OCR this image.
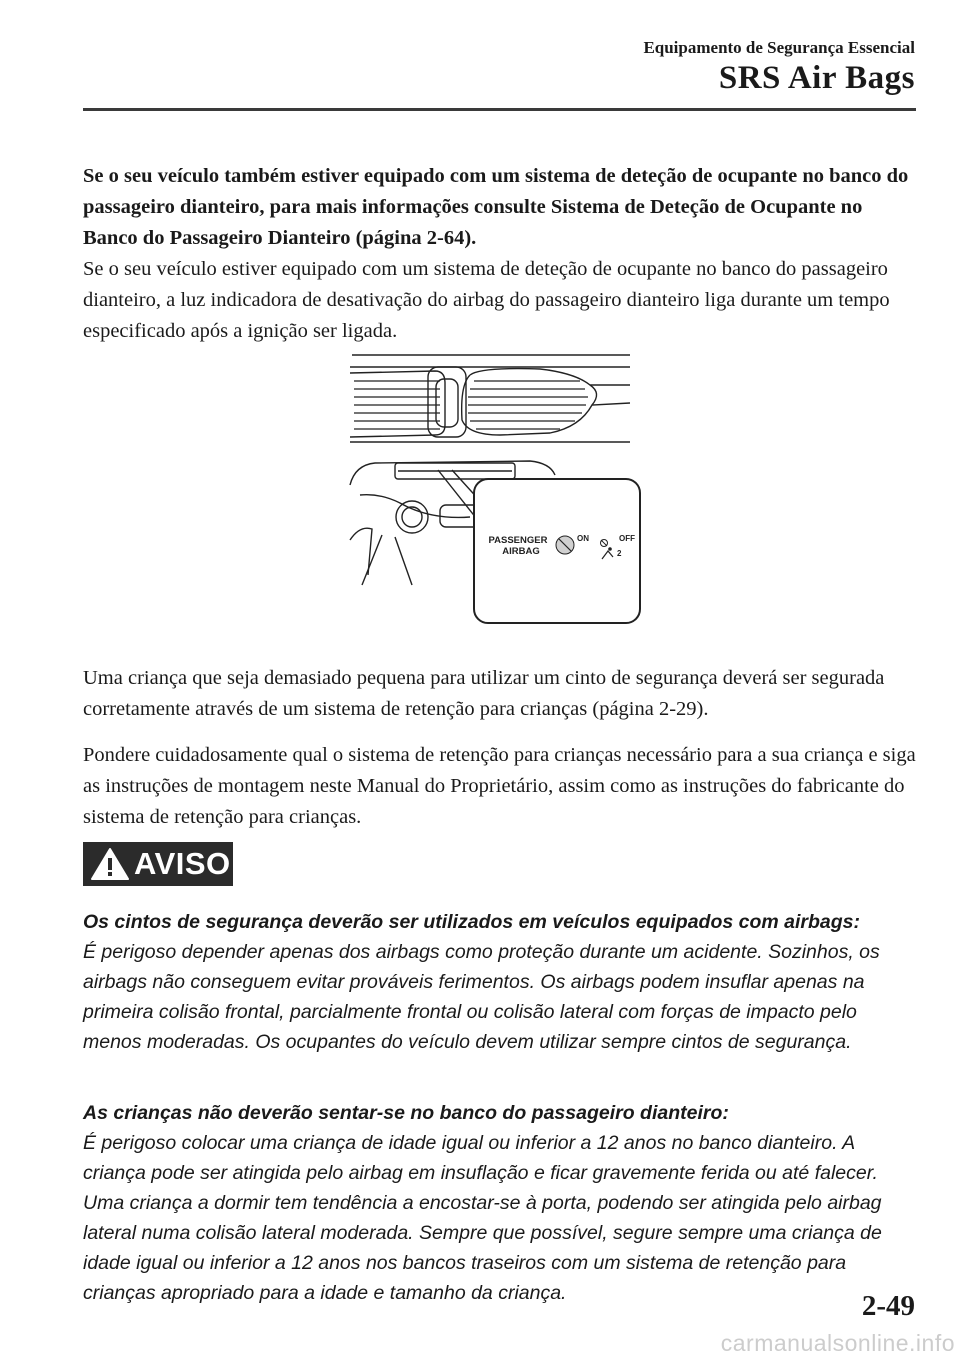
Equipamento de Segurança Essencial
SRS Air Bags

Se o seu veículo também estiver equipado com um sistema de deteção de ocupante no banco do passageiro dianteiro, para mais informações consulte Sistema de Deteção de Ocupante no Banco do Passageiro Dianteiro (página 2-64).

Se o seu veículo estiver equipado com um sistema de deteção de ocupante no banco do passageiro dianteiro, a luz indicadora de desativação do airbag do passageiro dianteiro liga durante um tempo especificado após a ignição ser ligada.

PASSENGER
AIRBAG
ON	OFF
2

Uma criança que seja demasiado pequena para utilizar um cinto de segurança deverá ser segurada corretamente através de um sistema de retenção para crianças (página 2-29).

Pondere cuidadosamente qual o sistema de retenção para crianças necessário para a sua criança e siga as instruções de montagem neste Manual do Proprietário, assim como as instruções do fabricante do sistema de retenção para crianças.

AVISO

Os cintos de segurança deverão ser utilizados em veículos equipados com airbags:
É perigoso depender apenas dos airbags como proteção durante um acidente. Sozinhos, os airbags não conseguem evitar prováveis ferimentos. Os airbags podem insuflar apenas na primeira colisão frontal, parcialmente frontal ou colisão lateral com forças de impacto pelo menos moderadas. Os ocupantes do veículo devem utilizar sempre cintos de segurança.

As crianças não deverão sentar-se no banco do passageiro dianteiro:
É perigoso colocar uma criança de idade igual ou inferior a 12 anos no banco dianteiro. A criança pode ser atingida pelo airbag em insuflação e ficar gravemente ferida ou até falecer. Uma criança a dormir tem tendência a encostar-se à porta, podendo ser atingida pelo airbag lateral numa colisão lateral moderada. Sempre que possível, segure sempre uma criança de idade igual ou inferior a 12 anos nos bancos traseiros com um sistema de retenção para crianças apropriado para a idade e tamanho da criança.	2-49
carmanualsonline.info
